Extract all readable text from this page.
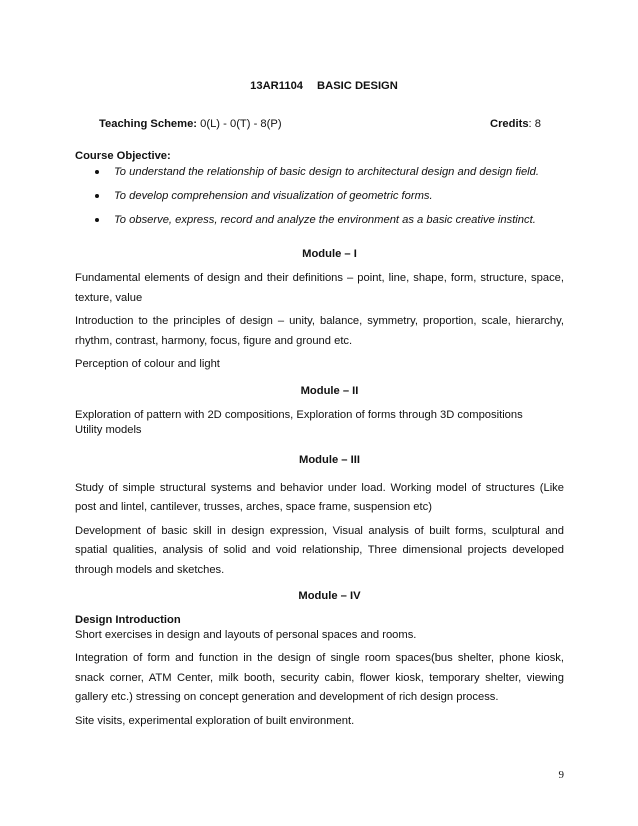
13AR1104 BASIC DESIGN
Teaching Scheme: 0(L) - 0(T) - 8(P)	Credits: 8
Course Objective:
To understand the relationship of basic design to architectural design and design field.
To develop comprehension and visualization of geometric forms.
To observe, express, record and analyze the environment as a basic creative instinct.
Module – I
Fundamental elements of design and their definitions – point, line, shape, form, structure, space, texture, value
Introduction to the principles of design – unity, balance, symmetry, proportion, scale, hierarchy, rhythm, contrast, harmony, focus, figure and ground etc.
Perception of colour and light
Module – II
Exploration of pattern with 2D compositions, Exploration of forms through 3D compositions
Utility models
Module – III
Study of simple structural systems and behavior under load. Working model of structures (Like post and lintel, cantilever, trusses, arches, space frame, suspension etc)
Development of basic skill in design expression, Visual analysis of built forms, sculptural and spatial qualities, analysis of solid and void relationship, Three dimensional projects developed through models and sketches.
Module – IV
Design Introduction
Short exercises in design and layouts of personal spaces and rooms.
Integration of form and function in the design of single room spaces(bus shelter, phone kiosk, snack corner, ATM Center, milk booth, security cabin, flower kiosk, temporary shelter, viewing gallery etc.) stressing on concept generation and development of rich design process.
Site visits, experimental exploration of built environment.
9
